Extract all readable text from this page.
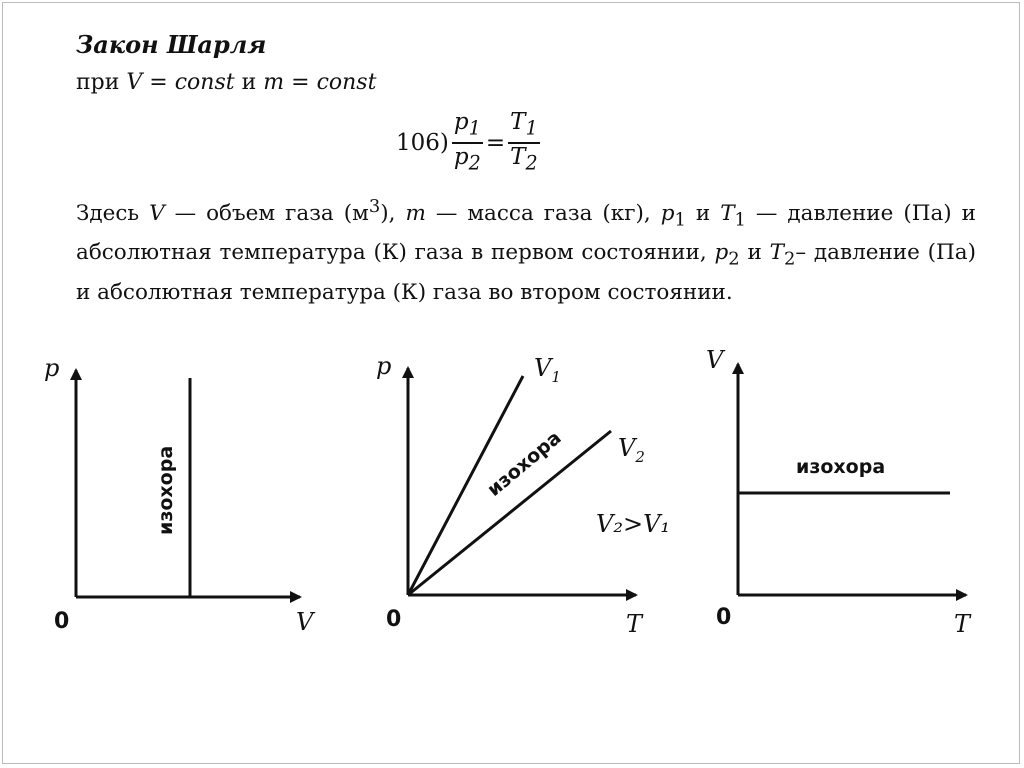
Закон Шарля
при V = const и m = const
$106) \frac{p_1}{p_2} = \frac{T_1}{T_2}$
Здесь V — объем газа $(м^3)$, m — масса газа (кг), $p_1$ и $T_1$ — давление (Па) и абсолютная температура (К) газа в первом состоянии, $p_2$ и $T_2-$ давление (Па) и абсолютная температура (К) газа во втором состоянии.
изохора
p
V
0
изохора
p
T
0
$V_1$
$V_2$
V₂>V₁
изохора
V
T
0
